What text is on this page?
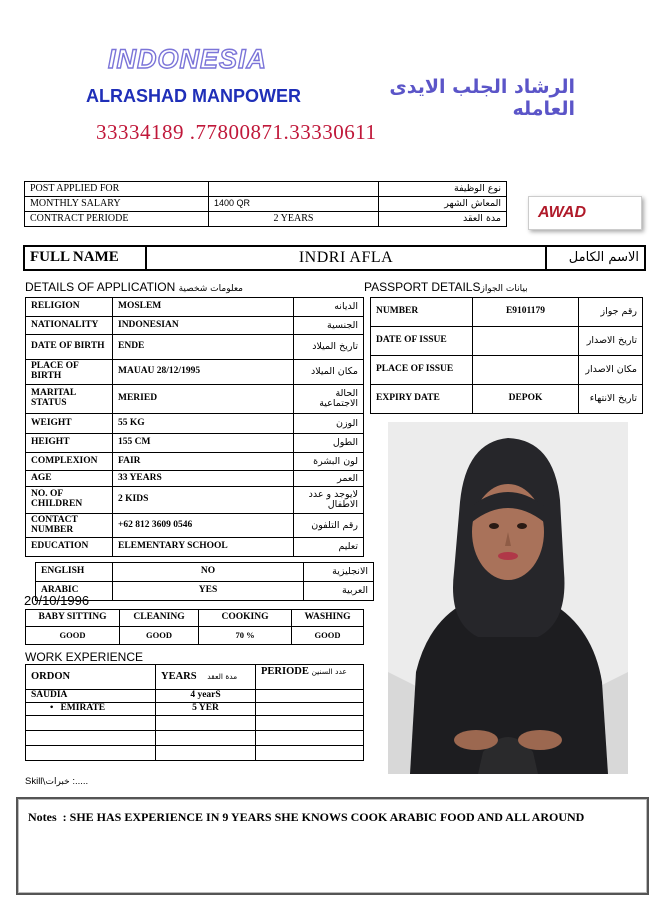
INDONESIA
ALRASHAD MANPOWER	الرشاد الجلب الايدى العامله
33334189 .77800871.33330611
POST APPLIED FOR		نوع الوظيفة
MONTHLY SALARY	1400 QR	المعاش الشهر
CONTRACT PERIODE	2 YEARS	مدة العقد AWAD
FULL NAME	INDRI AFLA	الاسم الكامل
DETAILS OF APPLICATION معلومات شخصية	PASSPORT DETAILSبيانات الجواز
RELIGION	MOSLEM	الديانه
NATIONALITY	INDONESIAN	الجنسية
DATE OF BIRTH	ENDE	تاريخ الميلاد
PLACE OF BIRTH	MAUAU 28/12/1995	مكان الميلاد
MARITAL STATUS	MERIED	الحالة الاجتماعية
WEIGHT	55 KG	الوزن
HEIGHT	155 CM	الطول
COMPLEXION	FAIR	لون البشرة
AGE	33 YEARS	العمر
NO. OF CHILDREN	2 KIDS	لايوجد و عدد الاطفال
CONTACT NUMBER	+62 812 3609 0546	رقم التلفون
EDUCATION	ELEMENTARY SCHOOL	تعليم
ENGLISH	NO	الانجليزية
ARABIC	YES	العربية
20/10/1996
BABY SITTING	CLEANING	COOKING	WASHING
GOOD	GOOD	70 %	GOOD
WORK EXPERIENCE
ORDON	YEARS مدة العقد	PERIODE عدد السنين
SAUDIA	4 yearS	
• EMIRATE	5 YER	

NUMBER	E9101179	رقم جواز
DATE OF ISSUE		تاريخ الاصدار
PLACE OF ISSUE		مكان الاصدار
EXPIRY DATE	DEPOK	تاريخ الانتهاء
Skill\خبرات :.....
Notes  : SHE HAS EXPERIENCE IN 9 YEARS SHE KNOWS COOK ARABIC FOOD AND ALL AROUND
